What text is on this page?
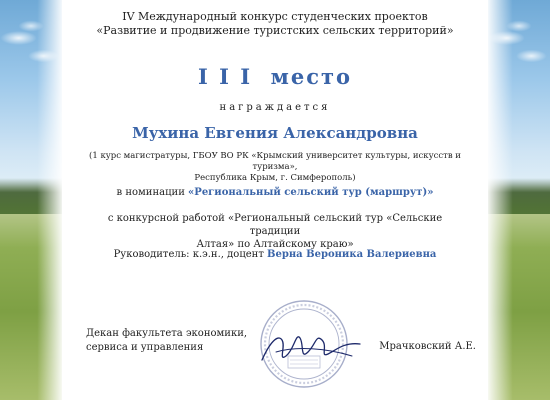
IV Международный конкурс студенческих проектов
«Развитие и продвижение туристских сельских территорий»
I I I  место
награждается
Мухина Евгения Александровна
(1 курс магистратуры, ГБОУ ВО РК «Крымский университет культуры, искусств и туризма»,
Республика Крым, г. Симферополь)
в номинации «Региональный сельский тур (маршрут)»
с конкурсной работой «Региональный сельский тур «Сельские традиции
Алтая» по Алтайскому краю»
Руководитель: к.э.н., доцент Верна Вероника Валериевна
Декан факультета экономики,
сервиса и управления	Мрачковский А.Е.
